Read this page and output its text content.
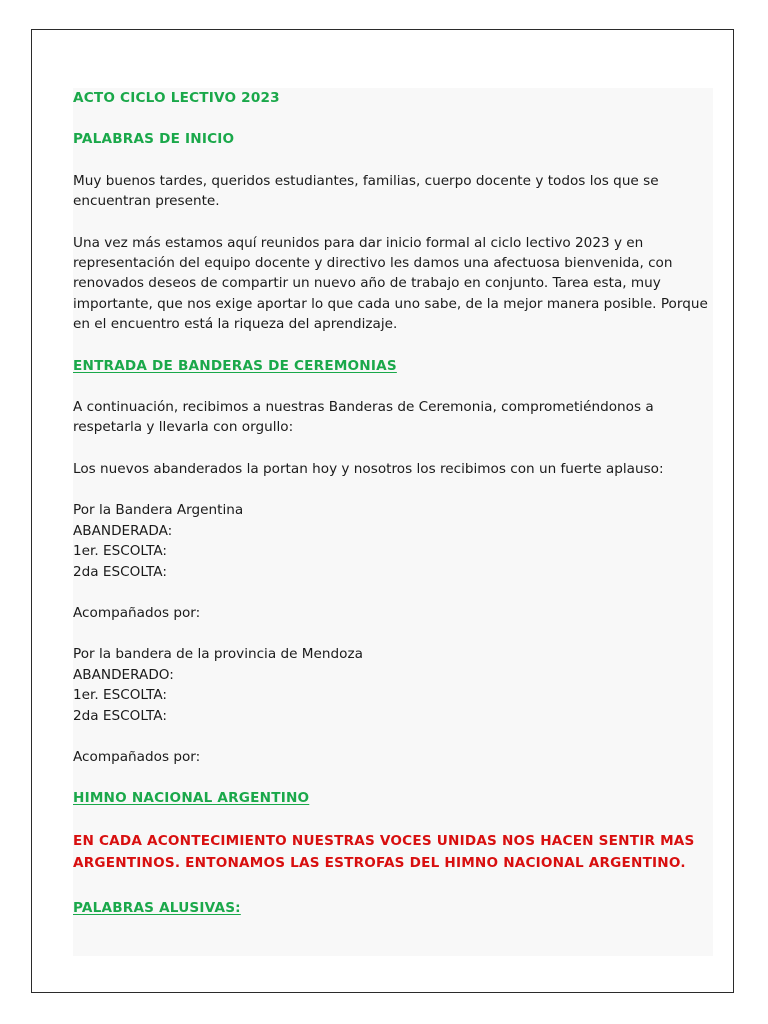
ACTO CICLO LECTIVO 2023

PALABRAS DE INICIO

Muy buenos tardes, queridos estudiantes, familias, cuerpo docente y todos los que se encuentran presente.

Una vez más estamos aquí reunidos para dar inicio formal al ciclo lectivo 2023 y en representación del equipo docente y directivo les damos una afectuosa bienvenida, con renovados deseos de compartir un nuevo año de trabajo en conjunto. Tarea esta, muy importante, que nos exige aportar lo que cada uno sabe, de la mejor manera posible. Porque en el encuentro está la riqueza del aprendizaje.

ENTRADA DE BANDERAS DE CEREMONIAS

A continuación, recibimos a nuestras Banderas de Ceremonia, comprometiéndonos a respetarla y llevarla con orgullo:

Los nuevos abanderados la portan hoy y nosotros los recibimos con un fuerte aplauso:

Por la Bandera Argentina

ABANDERADA:

1er. ESCOLTA:

2da ESCOLTA:

Acompañados por:

Por la bandera de la provincia de Mendoza

ABANDERADO:

1er. ESCOLTA:

2da ESCOLTA:

Acompañados por:

HIMNO NACIONAL ARGENTINO

EN CADA ACONTECIMIENTO NUESTRAS VOCES UNIDAS NOS HACEN SENTIR MAS ARGENTINOS. ENTONAMOS LAS ESTROFAS DEL HIMNO NACIONAL ARGENTINO.

PALABRAS ALUSIVAS:
